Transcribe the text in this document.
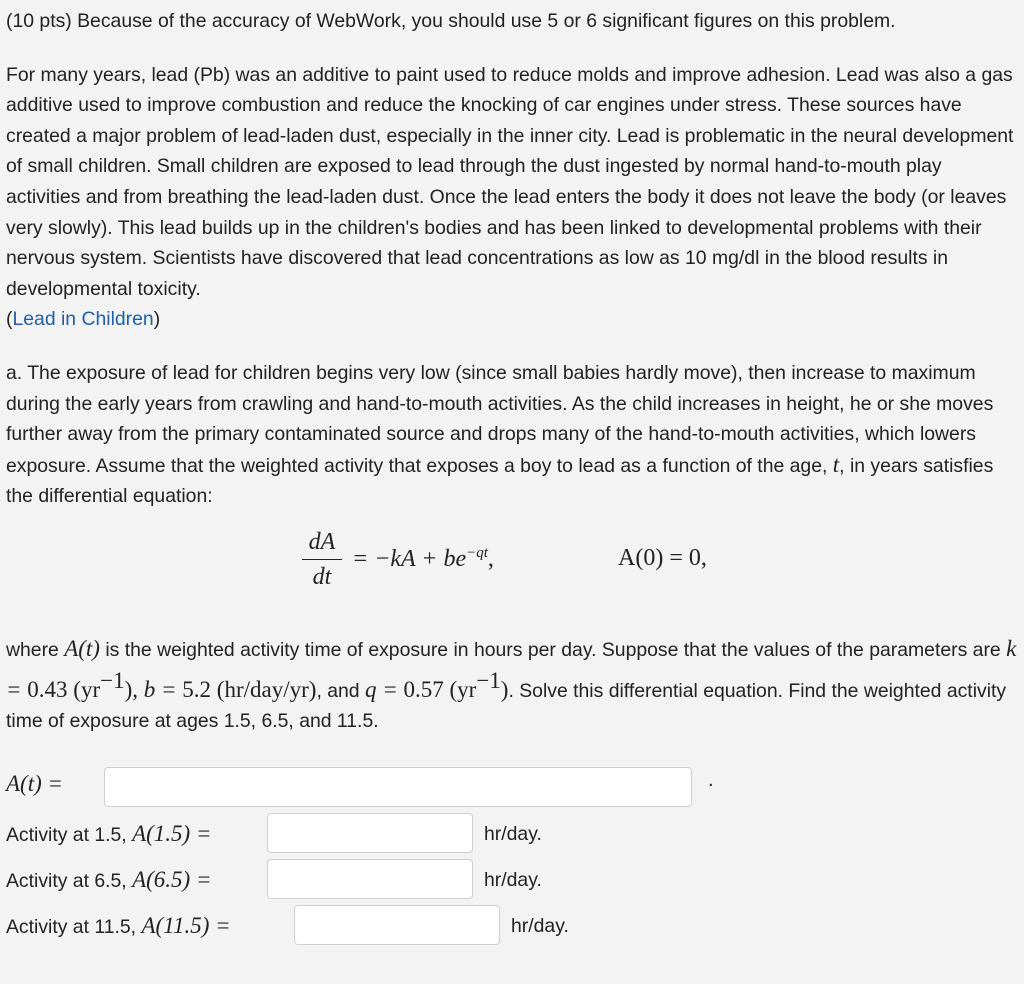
(10 pts) Because of the accuracy of WebWork, you should use 5 or 6 significant figures on this problem.

For many years, lead (Pb) was an additive to paint used to reduce molds and improve adhesion. Lead was also a gas additive used to improve combustion and reduce the knocking of car engines under stress. These sources have created a major problem of lead-laden dust, especially in the inner city. Lead is problematic in the neural development of small children. Small children are exposed to lead through the dust ingested by normal hand-to-mouth play activities and from breathing the lead-laden dust. Once the lead enters the body it does not leave the body (or leaves very slowly). This lead builds up in the children's bodies and has been linked to developmental problems with their nervous system. Scientists have discovered that lead concentrations as low as 10 mg/dl in the blood results in developmental toxicity.
(Lead in Children)

a. The exposure of lead for children begins very low (since small babies hardly move), then increase to maximum during the early years from crawling and hand-to-mouth activities. As the child increases in height, he or she moves further away from the primary contaminated source and drops many of the hand-to-mouth activities, which lowers exposure. Assume that the weighted activity that exposes a boy to lead as a function of the age, t, in years satisfies the differential equation:

dA
dt
= $-kA + be^{-qt}$,	A(0) = 0,

where A(t) is the weighted activity time of exposure in hours per day. Suppose that the values of the parameters are k = 0.43 $(yr^{-1})$, b = 5.2 (hr/day/yr), and q = 0.57 $(yr^{-1})$. Solve this differential equation. Find the weighted activity time of exposure at ages 1.5, 6.5, and 11.5.

A(t) =	.
Activity at 1.5, A(1.5) =	hr/day.
Activity at 6.5, A(6.5) =	hr/day.
Activity at 11.5, A(11.5) =	hr/day.
